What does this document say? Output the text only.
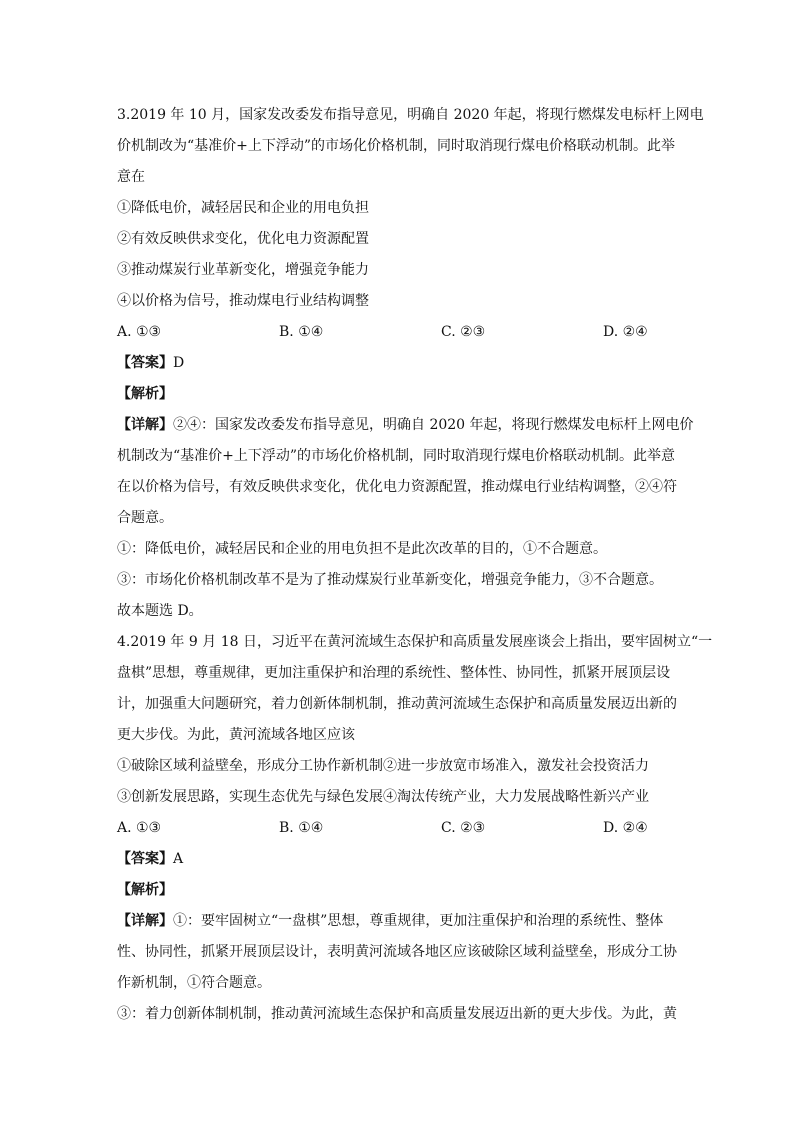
3.2019 年 10 月，国家发改委发布指导意见，明确自 2020 年起，将现行燃煤发电标杆上网电
价机制改为“基准价+上下浮动”的市场化价格机制，同时取消现行煤电价格联动机制。此举
意在
①降低电价，减轻居民和企业的用电负担
②有效反映供求变化，优化电力资源配置
③推动煤炭行业革新变化，增强竞争能力
④以价格为信号，推动煤电行业结构调整
A. ①③	B. ①④	C. ②③	D. ②④
【答案】D
【解析】
【详解】②④：国家发改委发布指导意见，明确自 2020 年起，将现行燃煤发电标杆上网电价
机制改为“基准价+上下浮动”的市场化价格机制，同时取消现行煤电价格联动机制。此举意
在以价格为信号，有效反映供求变化，优化电力资源配置，推动煤电行业结构调整，②④符
合题意。
①：降低电价，减轻居民和企业的用电负担不是此次改革的目的，①不合题意。
③：市场化价格机制改革不是为了推动煤炭行业革新变化，增强竞争能力，③不合题意。
故本题选 D。
4.2019 年 9 月 18 日，习近平在黄河流域生态保护和高质量发展座谈会上指出，要牢固树立“一
盘棋”思想，尊重规律，更加注重保护和治理的系统性、整体性、协同性，抓紧开展顶层设
计，加强重大问题研究，着力创新体制机制，推动黄河流域生态保护和高质量发展迈出新的
更大步伐。为此，黄河流域各地区应该
①破除区域利益壁垒，形成分工协作新机制②进一步放宽市场准入，激发社会投资活力
③创新发展思路，实现生态优先与绿色发展④淘汰传统产业，大力发展战略性新兴产业
A. ①③	B. ①④	C. ②③	D. ②④
【答案】A
【解析】
【详解】①：要牢固树立“一盘棋”思想，尊重规律，更加注重保护和治理的系统性、整体
性、协同性，抓紧开展顶层设计，表明黄河流域各地区应该破除区域利益壁垒，形成分工协
作新机制，①符合题意。
③：着力创新体制机制，推动黄河流域生态保护和高质量发展迈出新的更大步伐。为此，黄
